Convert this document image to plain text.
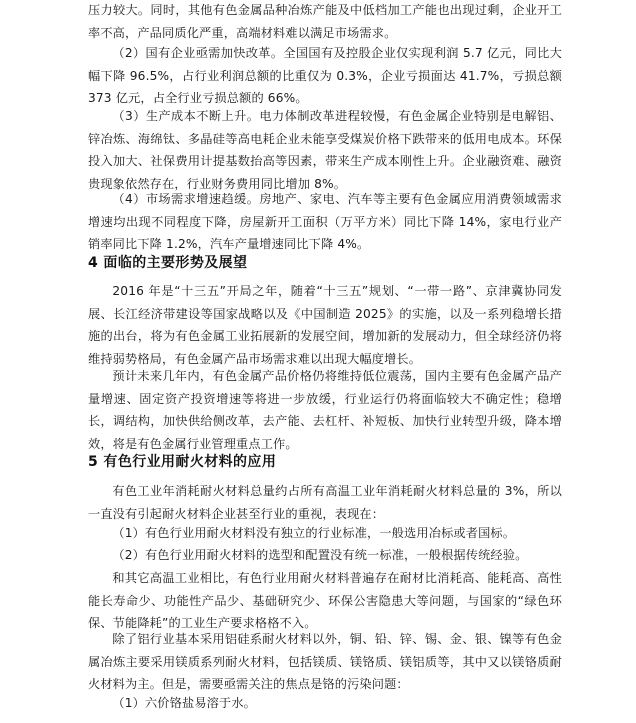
压力较大。同时，其他有色金属品种冶炼产能及中低档加工产能也出现过剩，企业开工率不高，产品同质化严重，高端材料难以满足市场需求。

（2）国有企业亟需加快改革。全国国有及控股企业仅实现利润 5.7 亿元，同比大幅下降 96.5%，占行业利润总额的比重仅为 0.3%，企业亏损面达 41.7%，亏损总额 373 亿元，占全行业亏损总额的 66%。

（3）生产成本不断上升。电力体制改革进程较慢，有色金属企业特别是电解铝、锌冶炼、海绵钛、多晶硅等高电耗企业未能享受煤炭价格下跌带来的低用电成本。环保投入加大、社保费用计提基数抬高等因素，带来生产成本刚性上升。企业融资难、融资贵现象依然存在，行业财务费用同比增加 8%。

（4）市场需求增速趋缓。房地产、家电、汽车等主要有色金属应用消费领域需求增速均出现不同程度下降，房屋新开工面积（万平方米）同比下降 14%，家电行业产销率同比下降 1.2%，汽车产量增速同比下降 4%。

4 面临的主要形势及展望

2016 年是“十三五”开局之年，随着“十三五”规划、“一带一路”、京津冀协同发展、长江经济带建设等国家战略以及《中国制造 2025》的实施，以及一系列稳增长措施的出台，将为有色金属工业拓展新的发展空间，增加新的发展动力，但全球经济仍将维持弱势格局，有色金属产品市场需求难以出现大幅度增长。

预计未来几年内，有色金属产品价格仍将维持低位震荡，国内主要有色金属产品产量增速、固定资产投资增速等将进一步放缓，行业运行仍将面临较大不确定性；稳增长，调结构，加快供给侧改革，去产能、去杠杆、补短板、加快行业转型升级，降本增效，将是有色金属行业管理重点工作。

5 有色行业用耐火材料的应用

有色工业年消耗耐火材料总量约占所有高温工业年消耗耐火材料总量的 3%，所以一直没有引起耐火材料企业甚至行业的重视，表现在：

（1）有色行业用耐火材料没有独立的行业标准，一般选用冶标或者国标。

（2）有色行业用耐火材料的选型和配置没有统一标准，一般根据传统经验。

和其它高温工业相比，有色行业用耐火材料普遍存在耐材比消耗高、能耗高、高性能长寿命少、功能性产品少、基础研究少、环保公害隐患大等问题，与国家的“绿色环保、节能降耗”的工业生产要求格格不入。

除了铝行业基本采用铝硅系耐火材料以外，铜、铅、锌、锡、金、银、镍等有色金属冶炼主要采用镁质系列耐火材料，包括镁质、镁铬质、镁铝质等，其中又以镁铬质耐火材料为主。但是，需要亟需关注的焦点是铬的污染问题：

（1）六价铬盐易溶于水。
